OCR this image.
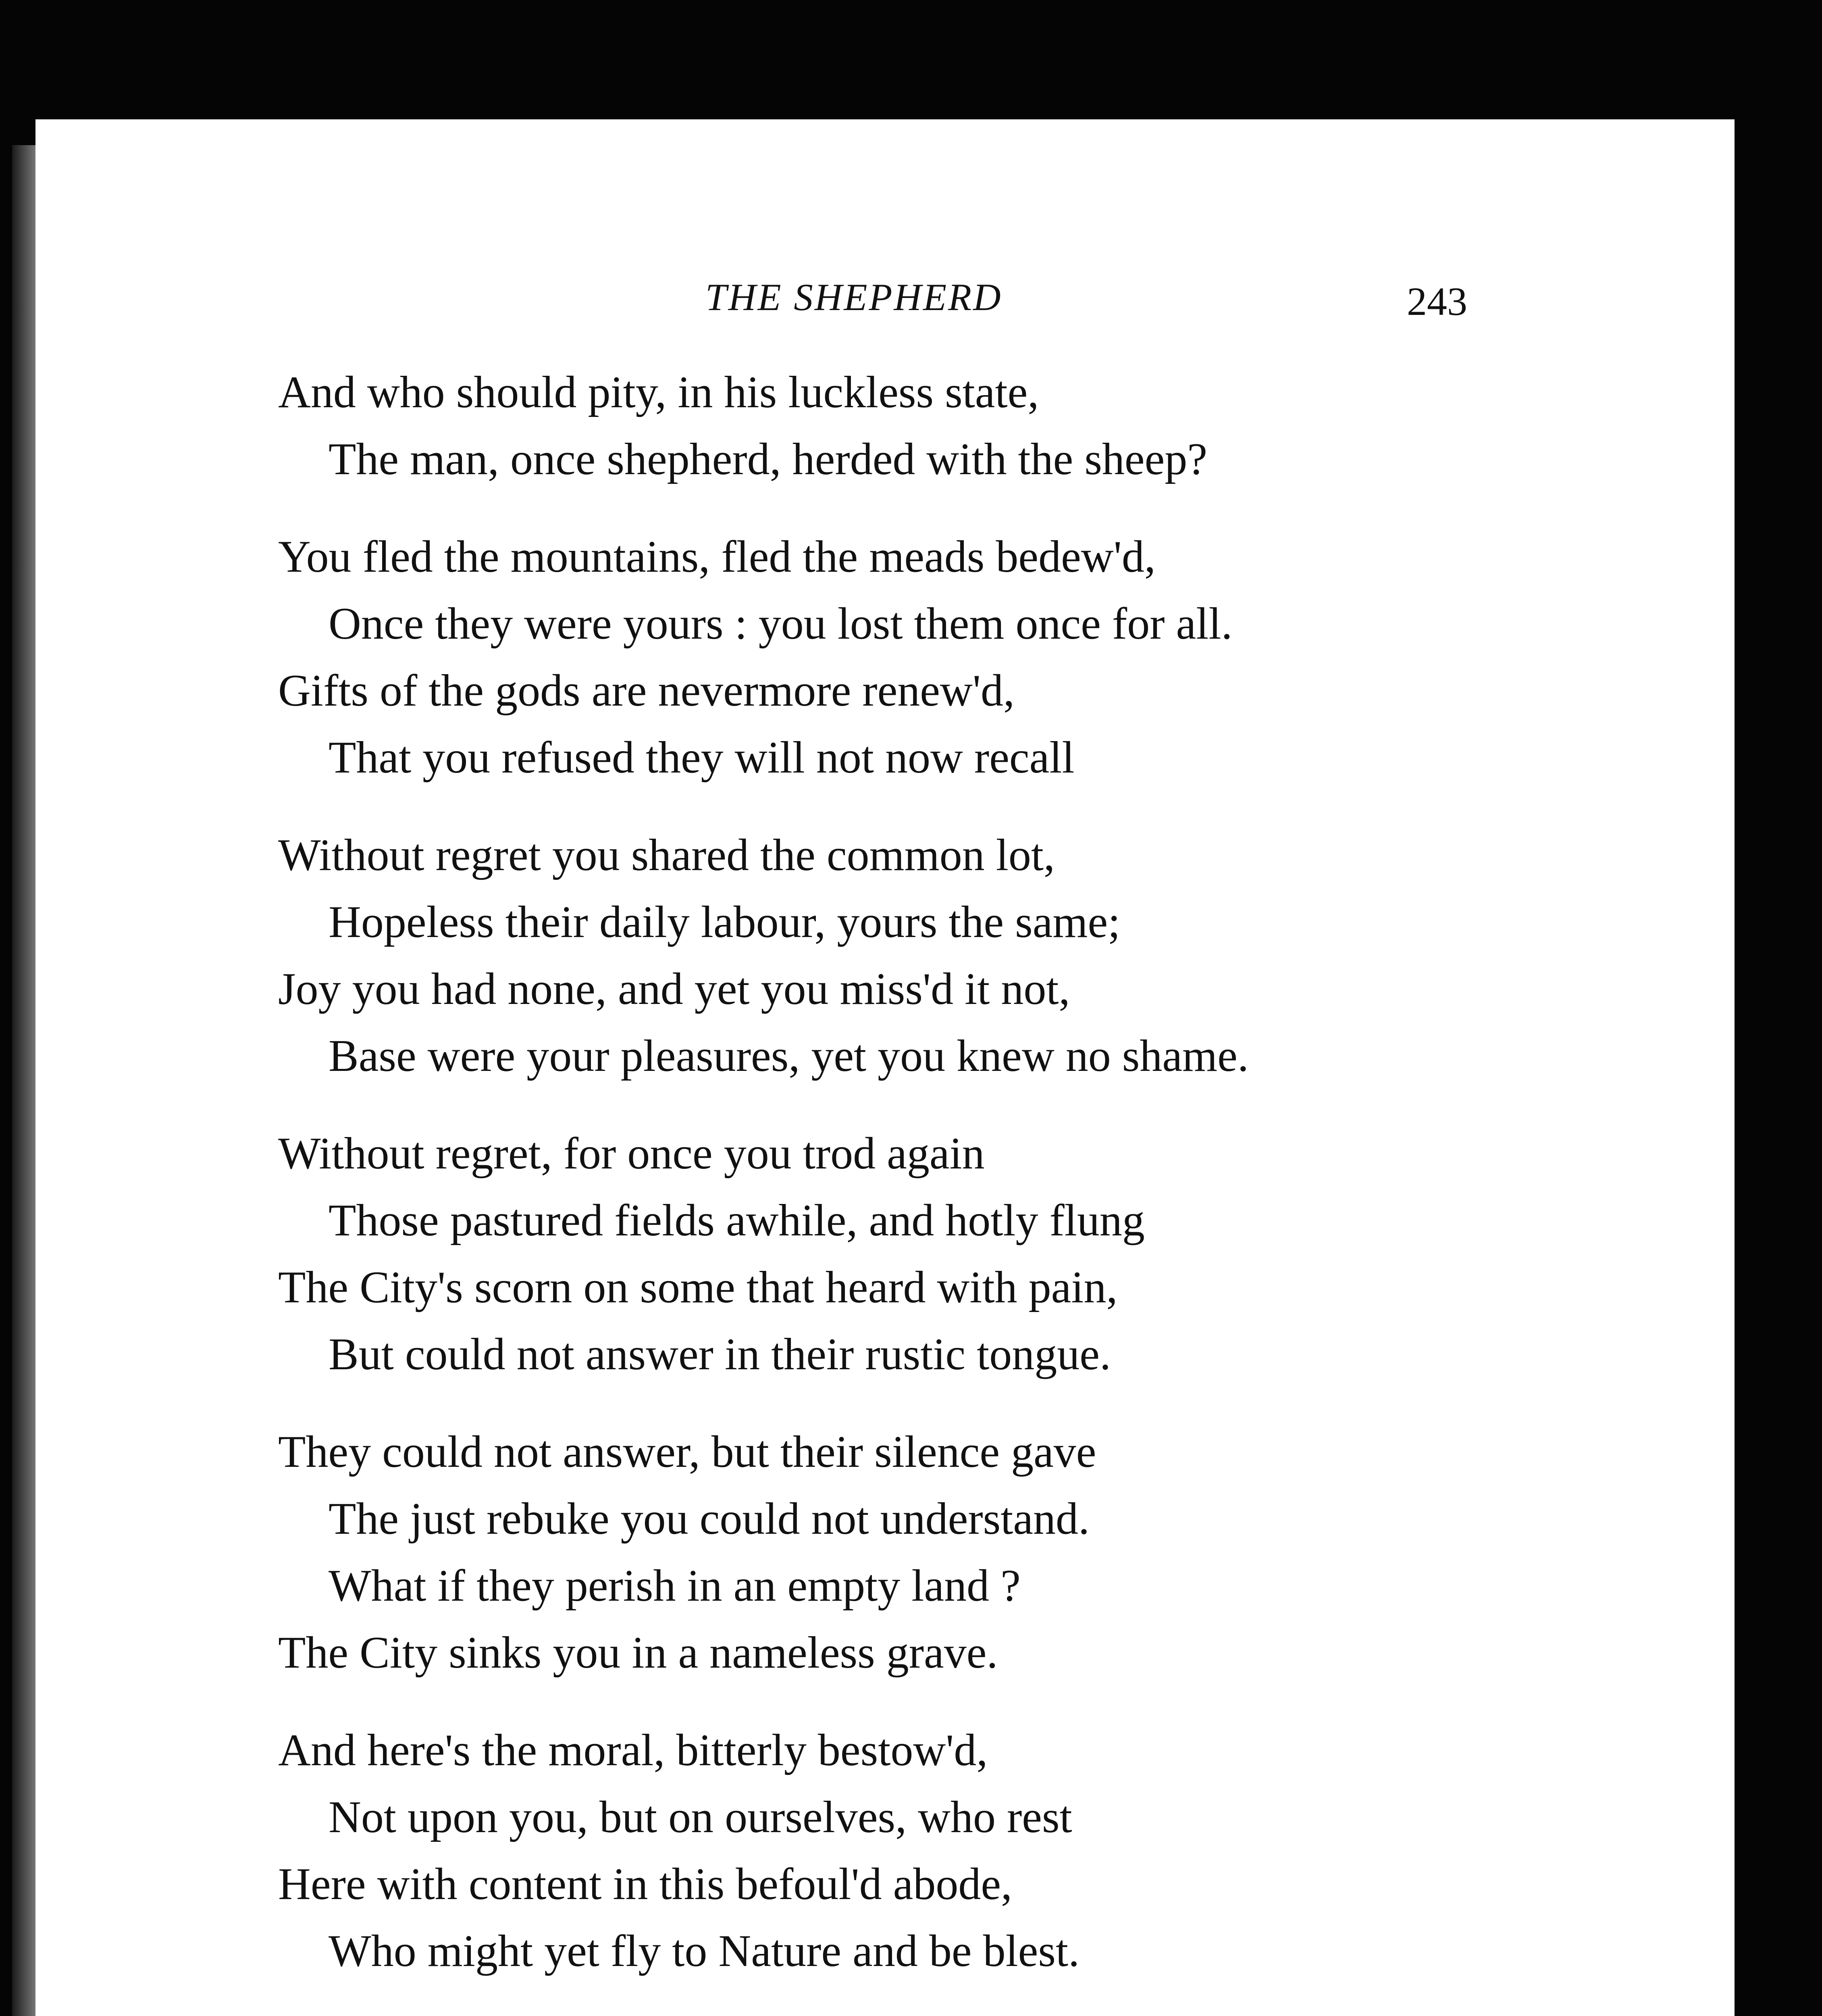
THE SHEPHERD	243
And who should pity, in his luckless state,
The man, once shepherd, herded with the sheep?
You fled the mountains, fled the meads bedew'd,
Once they were yours : you lost them once for all.
Gifts of the gods are nevermore renew'd,
That you refused they will not now recall
Without regret you shared the common lot,
Hopeless their daily labour, yours the same;
Joy you had none, and yet you miss'd it not,
Base were your pleasures, yet you knew no shame.
Without regret, for once you trod again
Those pastured fields awhile, and hotly flung
The City's scorn on some that heard with pain,
But could not answer in their rustic tongue.
They could not answer, but their silence gave
The just rebuke you could not understand.
What if they perish in an empty land ?
The City sinks you in a nameless grave.
And here's the moral, bitterly bestow'd,
Not upon you, but on ourselves, who rest
Here with content in this befoul'd abode,
Who might yet fly to Nature and be blest.
